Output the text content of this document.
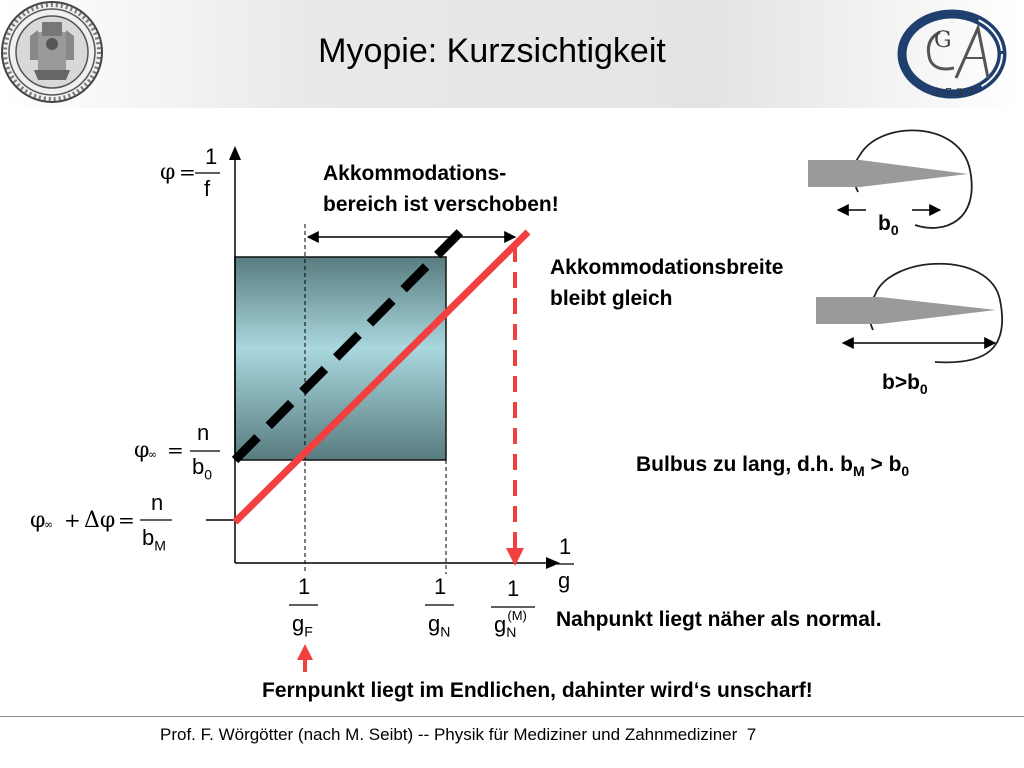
Myopie: Kurzsichtigkeit	G
1737
φ =
1
f
φ
∞ =
n
$b_0$
φ
∞ + Δφ =
n
$b_M$	1
g
1
$g_F$
1
$g_N$
1
$g_N^{(M)}$
Akkommodations-
bereich ist verschoben!
Akkommodationsbreite
bleibt gleich
Bulbus zu lang, d.h. $b_M > b_0$
Nahpunkt liegt näher als normal.
Fernpunkt liegt im Endlichen, dahinter wird‘s unscharf!
$b_0$
$b>b_0$
Prof. F. Wörgötter (nach M. Seibt) -- Physik für Mediziner und Zahnmediziner 7
